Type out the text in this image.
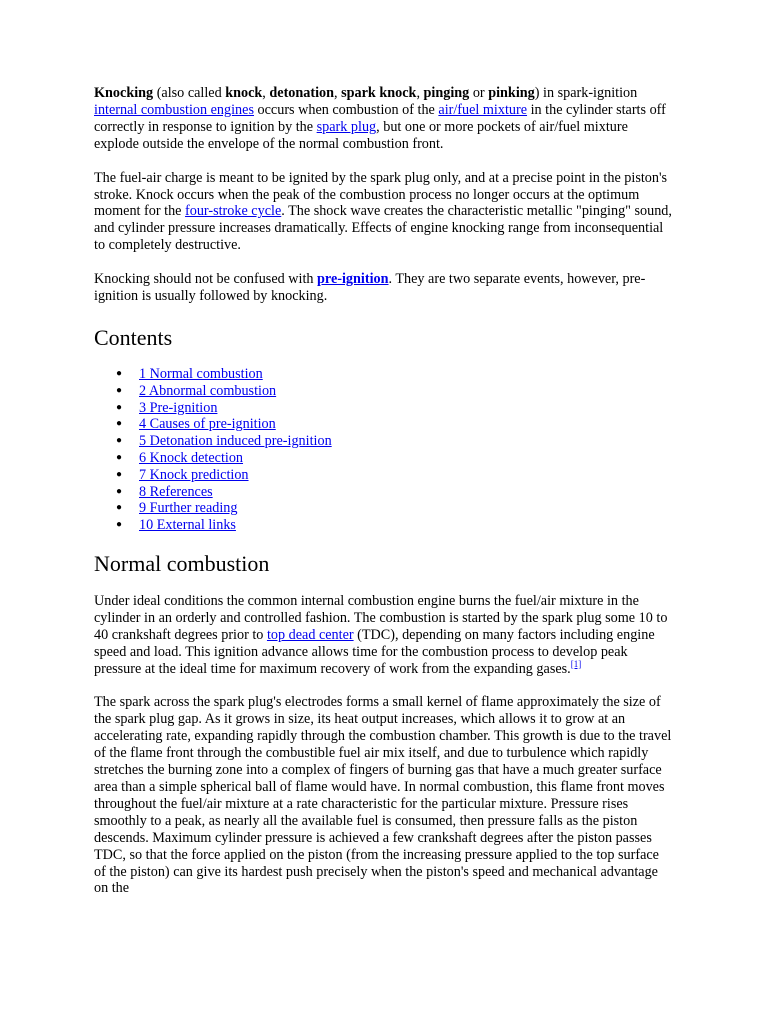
Knocking (also called knock, detonation, spark knock, pinging or pinking) in spark-ignition internal combustion engines occurs when combustion of the air/fuel mixture in the cylinder starts off correctly in response to ignition by the spark plug, but one or more pockets of air/fuel mixture explode outside the envelope of the normal combustion front.

The fuel-air charge is meant to be ignited by the spark plug only, and at a precise point in the piston's stroke. Knock occurs when the peak of the combustion process no longer occurs at the optimum moment for the four-stroke cycle. The shock wave creates the characteristic metallic "pinging" sound, and cylinder pressure increases dramatically. Effects of engine knocking range from inconsequential to completely destructive.

Knocking should not be confused with pre-ignition. They are two separate events, however, pre-ignition is usually followed by knocking.

Contents
● 1 Normal combustion
● 2 Abnormal combustion
● 3 Pre-ignition
● 4 Causes of pre-ignition
● 5 Detonation induced pre-ignition
● 6 Knock detection
● 7 Knock prediction
● 8 References
● 9 Further reading
● 10 External links
Normal combustion

Under ideal conditions the common internal combustion engine burns the fuel/air mixture in the cylinder in an orderly and controlled fashion. The combustion is started by the spark plug some 10 to 40 crankshaft degrees prior to top dead center (TDC), depending on many factors including engine speed and load. This ignition advance allows time for the combustion process to develop peak pressure at the ideal time for maximum recovery of work from the expanding gases.[1]

The spark across the spark plug's electrodes forms a small kernel of flame approximately the size of the spark plug gap. As it grows in size, its heat output increases, which allows it to grow at an accelerating rate, expanding rapidly through the combustion chamber. This growth is due to the travel of the flame front through the combustible fuel air mix itself, and due to turbulence which rapidly stretches the burning zone into a complex of fingers of burning gas that have a much greater surface area than a simple spherical ball of flame would have. In normal combustion, this flame front moves throughout the fuel/air mixture at a rate characteristic for the particular mixture. Pressure rises smoothly to a peak, as nearly all the available fuel is consumed, then pressure falls as the piston descends. Maximum cylinder pressure is achieved a few crankshaft degrees after the piston passes TDC, so that the force applied on the piston (from the increasing pressure applied to the top surface of the piston) can give its hardest push precisely when the piston's speed and mechanical advantage on the
